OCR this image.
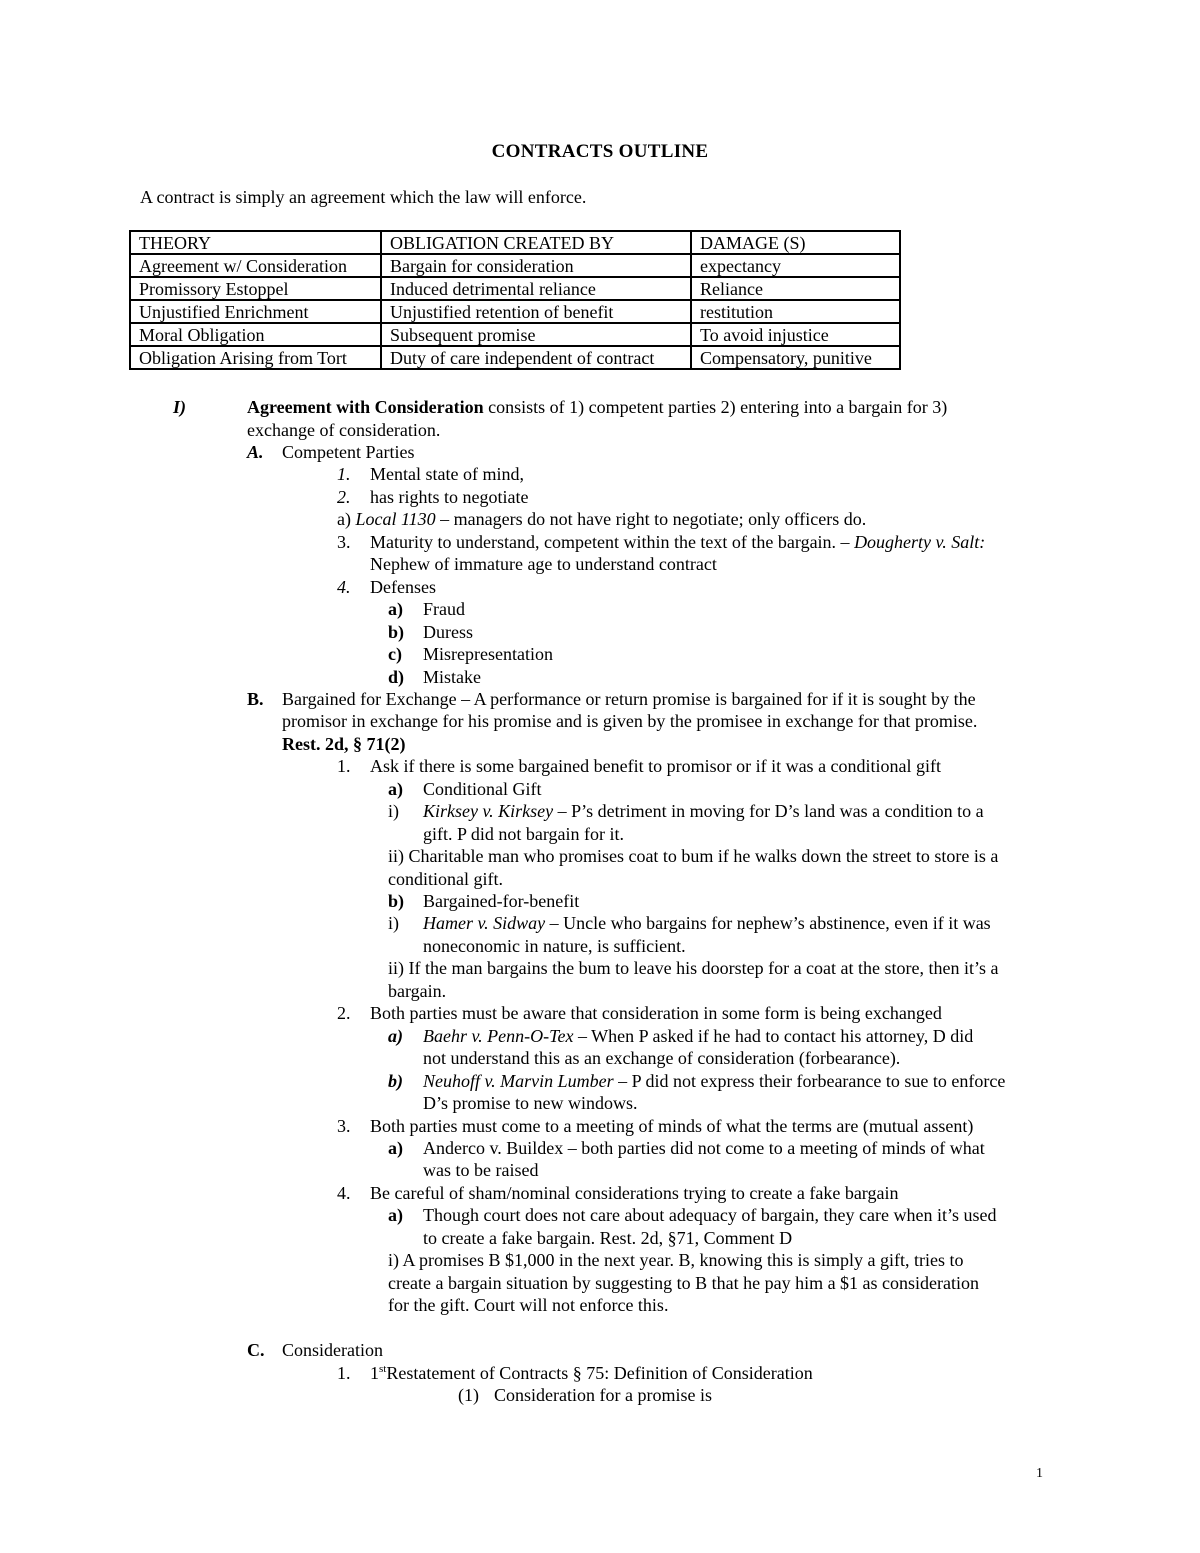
CONTRACTS OUTLINE
A contract is simply an agreement which the law will enforce.
THEORY	OBLIGATION CREATED BY	DAMAGE (S)
Agreement w/ Consideration	Bargain for consideration	expectancy
Promissory Estoppel	Induced detrimental reliance	Reliance
Unjustified Enrichment	Unjustified retention of benefit	restitution
Moral Obligation	Subsequent promise	To avoid injustice
Obligation Arising from Tort	Duty of care independent of contract	Compensatory, punitive
I)	Agreement with Consideration consists of 1) competent parties 2) entering into a bargain for 3)
exchange of consideration.
A. Competent Parties
1. Mental state of mind,
2. has rights to negotiate
a) Local 1130 – managers do not have right to negotiate; only officers do.
3. Maturity to understand, competent within the text of the bargain. – Dougherty v. Salt:
Nephew of immature age to understand contract
4. Defenses
a) Fraud
b) Duress
c) Misrepresentation
d) Mistake
B. Bargained for Exchange – A performance or return promise is bargained for if it is sought by the
promisor in exchange for his promise and is given by the promisee in exchange for that promise.
Rest. 2d, § 71(2)
1. Ask if there is some bargained benefit to promisor or if it was a conditional gift
a) Conditional Gift
i) Kirksey v. Kirksey – P’s detriment in moving for D’s land was a condition to a
gift. P did not bargain for it.
ii) Charitable man who promises coat to bum if he walks down the street to store is a
conditional gift.
b) Bargained-for-benefit
i) Hamer v. Sidway – Uncle who bargains for nephew’s abstinence, even if it was
noneconomic in nature, is sufficient.
ii) If the man bargains the bum to leave his doorstep for a coat at the store, then it’s a
bargain.
2. Both parties must be aware that consideration in some form is being exchanged
a) Baehr v. Penn-O-Tex – When P asked if he had to contact his attorney, D did
not understand this as an exchange of consideration (forbearance).
b) Neuhoff v. Marvin Lumber – P did not express their forbearance to sue to enforce
D’s promise to new windows.
3. Both parties must come to a meeting of minds of what the terms are (mutual assent)
a) Anderco v. Buildex – both parties did not come to a meeting of minds of what
was to be raised
4. Be careful of sham/nominal considerations trying to create a fake bargain
a) Though court does not care about adequacy of bargain, they care when it’s used
to create a fake bargain. Rest. 2d, §71, Comment D
i) A promises B $1,000 in the next year. B, knowing this is simply a gift, tries to
create a bargain situation by suggesting to B that he pay him a $1 as consideration
for the gift. Court will not enforce this.
C. Consideration
1. 1stRestatement of Contracts § 75: Definition of Consideration
(1) Consideration for a promise is
1
